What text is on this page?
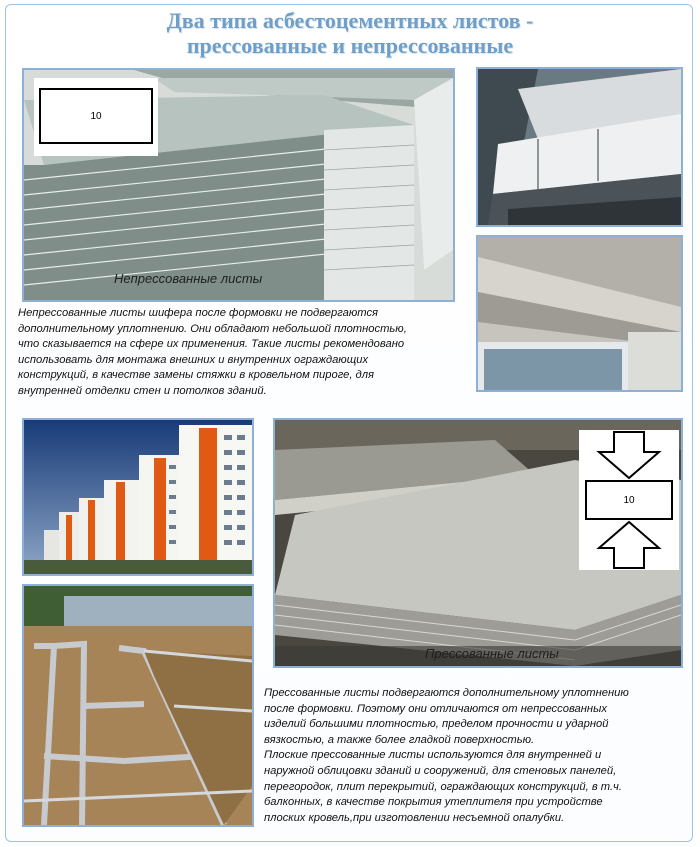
Два типа асбестоцементных листов -
прессованные и непрессованные
10
Непрессованные листы

Непрессованные листы шифера после формовки не подвергаются

дополнительному уплотнению. Они обладают небольшой плотностью,

что сказывается на сфере их применения. Такие листы рекомендовано

использовать для монтажа внешних и внутренних ограждающих

конструкций, в качестве замены стяжки в кровельном пироге, для

внутренней отделки стен и потолков зданий.

10
Прессованные листы

Прессованные листы подвергаются дополнительному уплотнению

после формовки. Поэтому они отличаются от непрессованных

изделий большими плотностью, пределом прочности и ударной

вязкостью, а также более гладкой поверхностью.

Плоские прессованные листы используются для внутренней и

наружной облицовки зданий и сооружений, для стеновых панелей,

перегородок, плит перекрытий, ограждающих конструкций, в т.ч.

балконных, в качестве покрытия утеплителя при устройстве

плоских кровель,при изготовлении несъемной опалубки.
